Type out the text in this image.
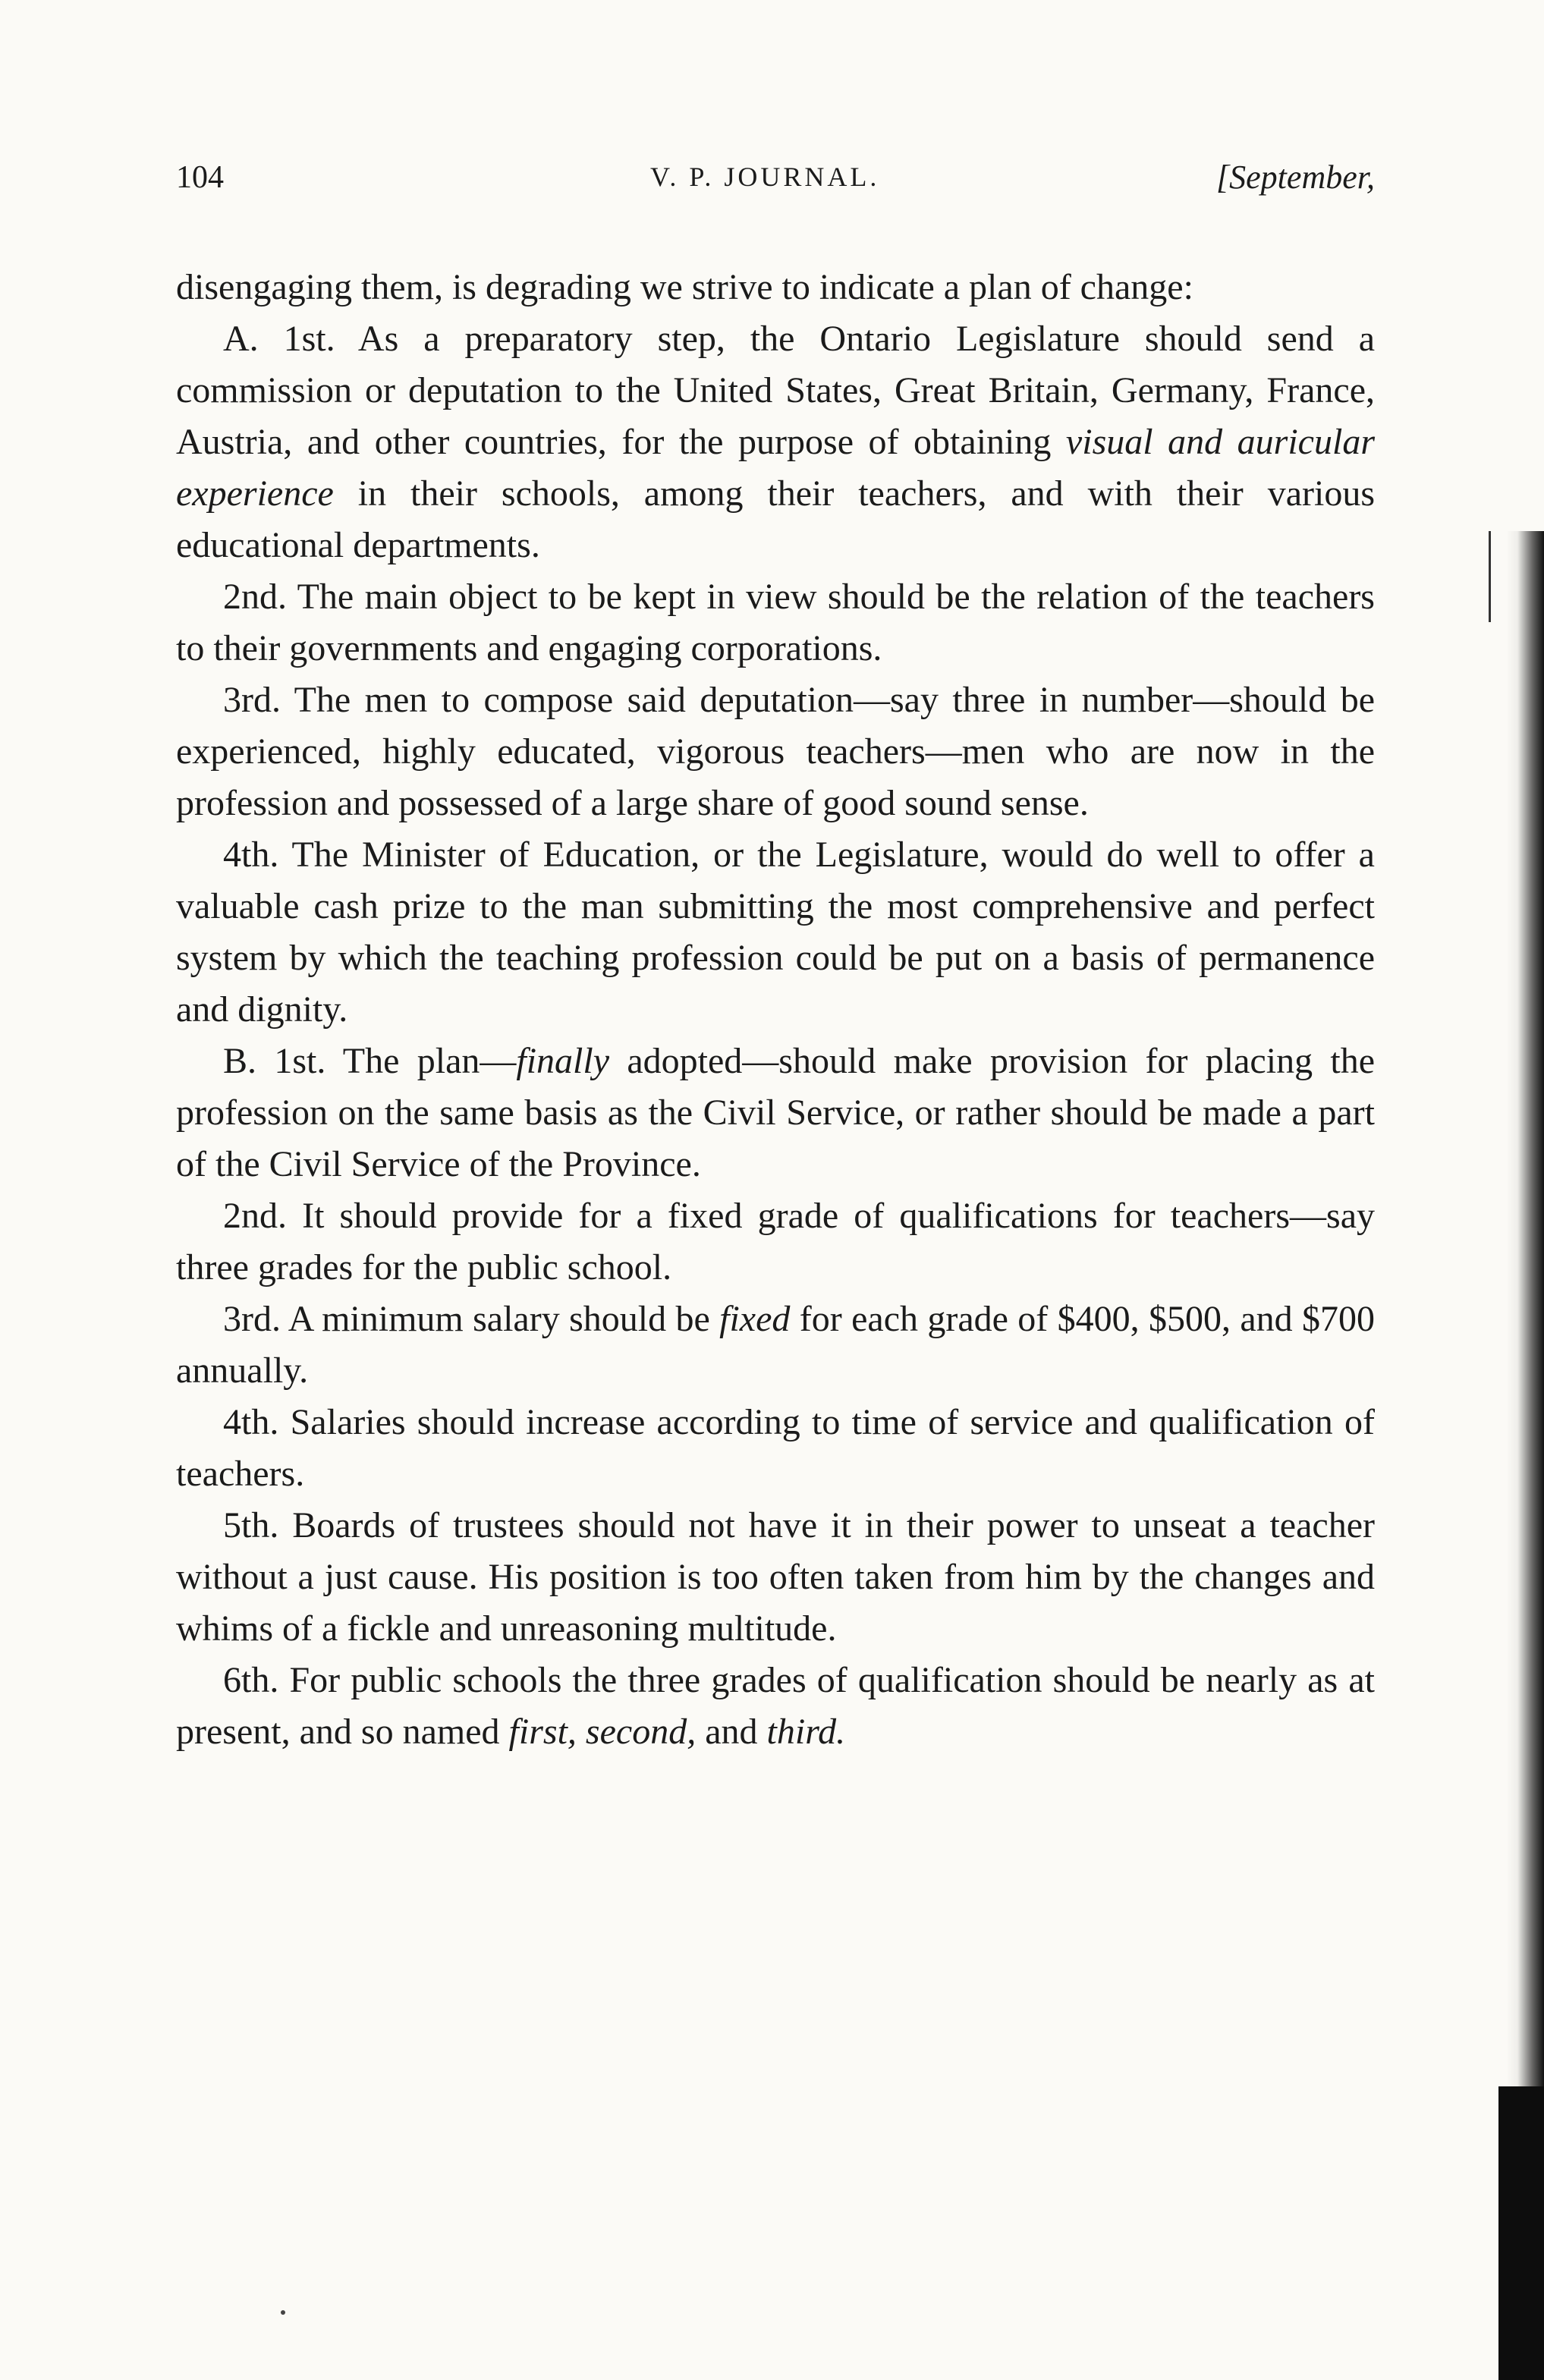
104	V. P. JOURNAL.	[September,

disengaging them, is degrading we strive to indicate a plan of change:

A. 1st. As a preparatory step, the Ontario Legislature should send a commission or deputation to the United States, Great Britain, Germany, France, Austria, and other countries, for the purpose of obtaining visual and auricular experience in their schools, among their teachers, and with their various educational departments.

2nd. The main object to be kept in view should be the relation of the teachers to their governments and engaging corporations.

3rd. The men to compose said deputation—say three in number—should be experienced, highly educated, vigorous teachers—men who are now in the profession and possessed of a large share of good sound sense.

4th. The Minister of Education, or the Legislature, would do well to offer a valuable cash prize to the man submitting the most comprehensive and perfect system by which the teaching profession could be put on a basis of permanence and dignity.

B. 1st. The plan—finally adopted—should make provision for placing the profession on the same basis as the Civil Service, or rather should be made a part of the Civil Service of the Province.

2nd. It should provide for a fixed grade of qualifications for teachers—say three grades for the public school.

3rd. A minimum salary should be fixed for each grade of $400, $500, and $700 annually.

4th. Salaries should increase according to time of service and qualification of teachers.

5th. Boards of trustees should not have it in their power to unseat a teacher without a just cause. His position is too often taken from him by the changes and whims of a fickle and unreasoning multitude.

6th. For public schools the three grades of qualification should be nearly as at present, and so named first, second, and third.
